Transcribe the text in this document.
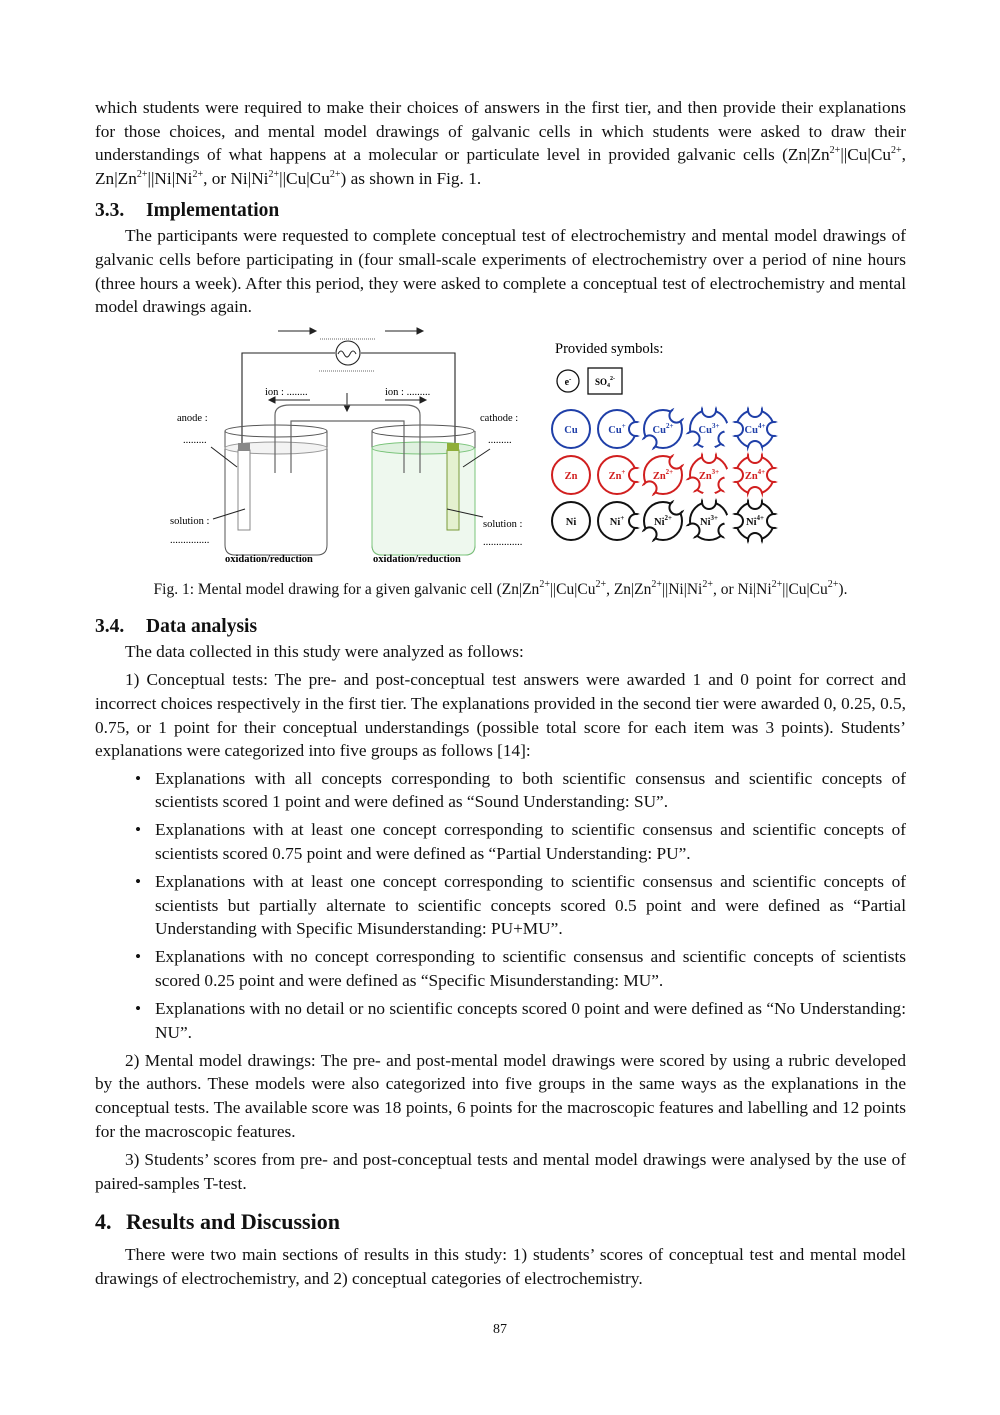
which students were required to make their choices of answers in the first tier, and then provide their explanations for those choices, and mental model drawings of galvanic cells in which students were asked to draw their understandings of what happens at a molecular or particulate level in provided galvanic cells ($Zn|Zn^{2+}||Cu|Cu^{2+}$, $Zn|Zn^{2+}||Ni|Ni^{2+}$, or $Ni|Ni^{2+}||Cu|Cu^{2+}$) as shown in Fig. 1.

3.3. Implementation

The participants were requested to complete conceptual test of electrochemistry and mental model drawings of galvanic cells before participating in (four small-scale experiments of electrochemistry over a period of nine hours (three hours a week). After this period, they were asked to complete a conceptual test of electrochemistry and mental model drawings again.

ion : ........	ion : .........
anode :
.........
cathode :
.........
solution :
...............
solution :
...............
oxidation/reduction	oxidation/reduction
Provided symbols:
e-	$SO_4^{2-}$
Cu	Cu+	$Cu^{2+}$ $Cu^{3+}$ $Cu^{4+}$
Zn	Zn+	$Zn^{2+}$ $Zn^{3+}$ $Zn^{4+}$
Ni	Ni+	$Ni^{2+}$	$Ni^{3+}$	$Ni^{4+}$
Fig. 1: Mental model drawing for a given galvanic cell ($Zn|Zn^{2+}||Cu|Cu^{2+}$, $Zn|Zn^{2+}||Ni|Ni^{2+}$, or $Ni|Ni^{2+}||Cu|Cu^{2+}$).
3.4. Data analysis

The data collected in this study were analyzed as follows:

1) Conceptual tests: The pre- and post-conceptual test answers were awarded 1 and 0 point for correct and incorrect choices respectively in the first tier. The explanations provided in the second tier were awarded 0, 0.25, 0.5, 0.75, or 1 point for their conceptual understandings (possible total score for each item was 3 points). Students’ explanations were categorized into five groups as follows [14]:

• Explanations with all concepts corresponding to both scientific consensus and scientific concepts of scientists scored 1 point and were defined as “Sound Understanding: SU”.
• Explanations with at least one concept corresponding to scientific consensus and scientific concepts of scientists scored 0.75 point and were defined as “Partial Understanding: PU”.
• Explanations with at least one concept corresponding to scientific consensus and scientific concepts of scientists but partially alternate to scientific concepts scored 0.5 point and were defined as “Partial Understanding with Specific Misunderstanding: PU+MU”.
• Explanations with no concept corresponding to scientific consensus and scientific concepts of scientists scored 0.25 point and were defined as “Specific Misunderstanding: MU”.
• Explanations with no detail or no scientific concepts scored 0 point and were defined as “No Understanding: NU”.

2) Mental model drawings: The pre- and post-mental model drawings were scored by using a rubric developed by the authors. These models were also categorized into five groups in the same ways as the explanations in the conceptual tests. The available score was 18 points, 6 points for the macroscopic features and labelling and 12 points for the macroscopic features.

3) Students’ scores from pre- and post-conceptual tests and mental model drawings were analysed by the use of paired-samples T-test.

4. Results and Discussion

There were two main sections of results in this study: 1) students’ scores of conceptual test and mental model drawings of electrochemistry, and 2) conceptual categories of electrochemistry.

87
